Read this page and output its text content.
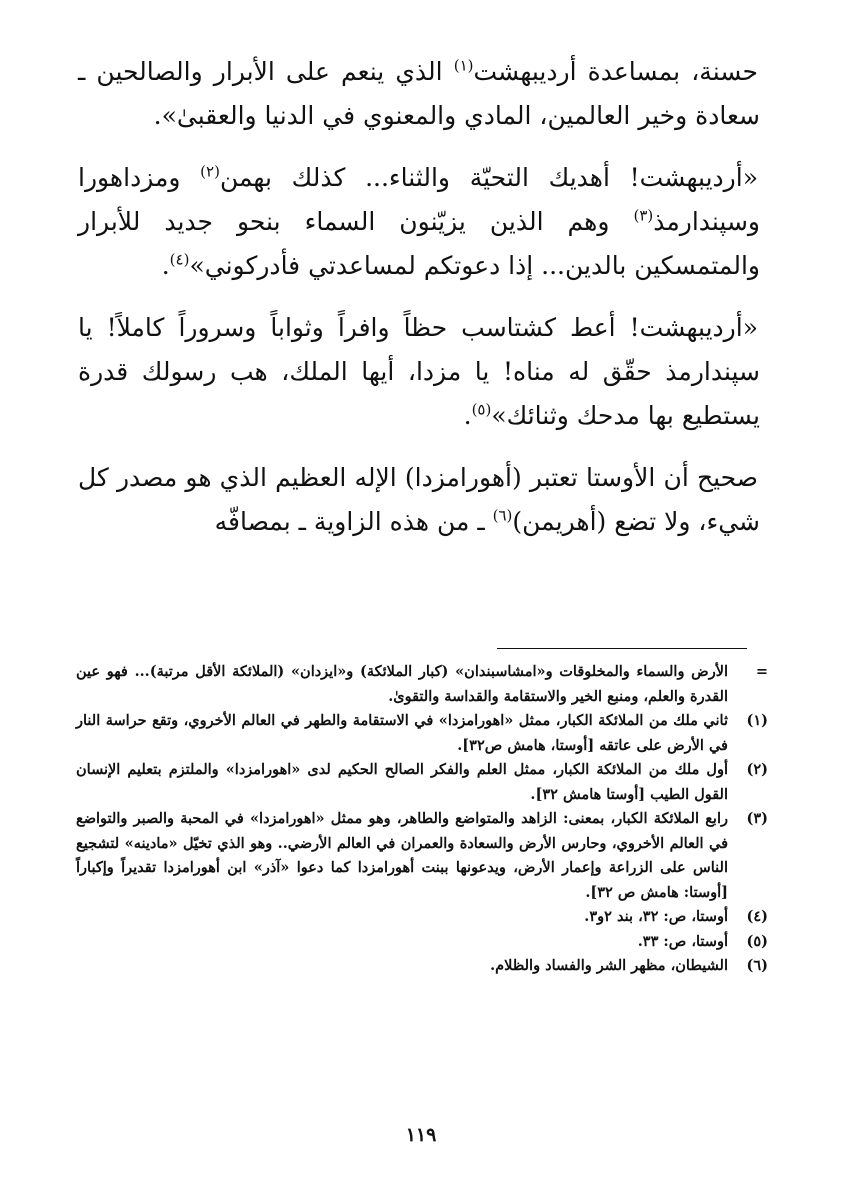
حسنة، بمساعدة أرديبهشت$^{(١)}$ الذي ينعم على الأبرار والصالحين ـ سعادة وخير العالمين، المادي والمعنوي في الدنيا والعقبىٰ».

«أرديبهشت! أهديك التحيّة والثناء... كذلك بهمن$^{(٢)}$ ومزداهورا وسپندارمذ$^{(٣)}$ وهم الذين يزيّنون السماء بنحو جديد للأبرار والمتمسكين بالدين... إذا دعوتكم لمساعدتي فأدركوني»$^{(٤)}$.

«أرديبهشت! أعط كشتاسب حظاً وافراً وثواباً وسروراً كاملاً! يا سپندارمذ حقّق له مناه! يا مزدا، أيها الملك، هب رسولك قدرة يستطيع بها مدحك وثنائك»$^{(٥)}$.

صحيح أن الأوستا تعتبر (أهورامزدا) الإله العظيم الذي هو مصدر كل شيء، ولا تضع (أهريمن)$^{(٦)}$ ـ من هذه الزاوية ـ بمصافّه

=
الأرض والسماء والمخلوقات و«امشاسبندان» (كبار الملائكة) و«ايزدان» (الملائكة الأقل مرتبة)... فهو عين القدرة والعلم، ومنبع الخير والاستقامة والقداسة والتقوىٰ.
(١)
ثاني ملك من الملائكة الكبار، ممثل «اهورامزدا» في الاستقامة والطهر في العالم الأخروي، وتقع حراسة النار في الأرض على عاتقه [أوستا، هامش ص٣٢].
(٢)
أول ملك من الملائكة الكبار، ممثل العلم والفكر الصالح الحكيم لدى «اهورامزدا» والملتزم بتعليم الإنسان القول الطيب [أوستا هامش ٣٢].
(٣)
رابع الملائكة الكبار، بمعنى: الزاهد والمتواضع والطاهر، وهو ممثل «اهورامزدا» في المحبة والصبر والتواضع في العالم الأخروي، وحارس الأرض والسعادة والعمران في العالم الأرضي.. وهو الذي تخيّل «مادينه» لتشجيع الناس على الزراعة وإعمار الأرض، ويدعونها ببنت أهورامزدا كما دعوا «آذر» ابن أهورامزدا تقديراً وإكباراً [أوستا: هامش ص ٣٢].
(٤)
أوستا، ص: ٣٢، بند ٢و٣.
(٥)
أوستا، ص: ٣٣.
(٦)
الشيطان، مظهر الشر والفساد والظلام.
١١٩
